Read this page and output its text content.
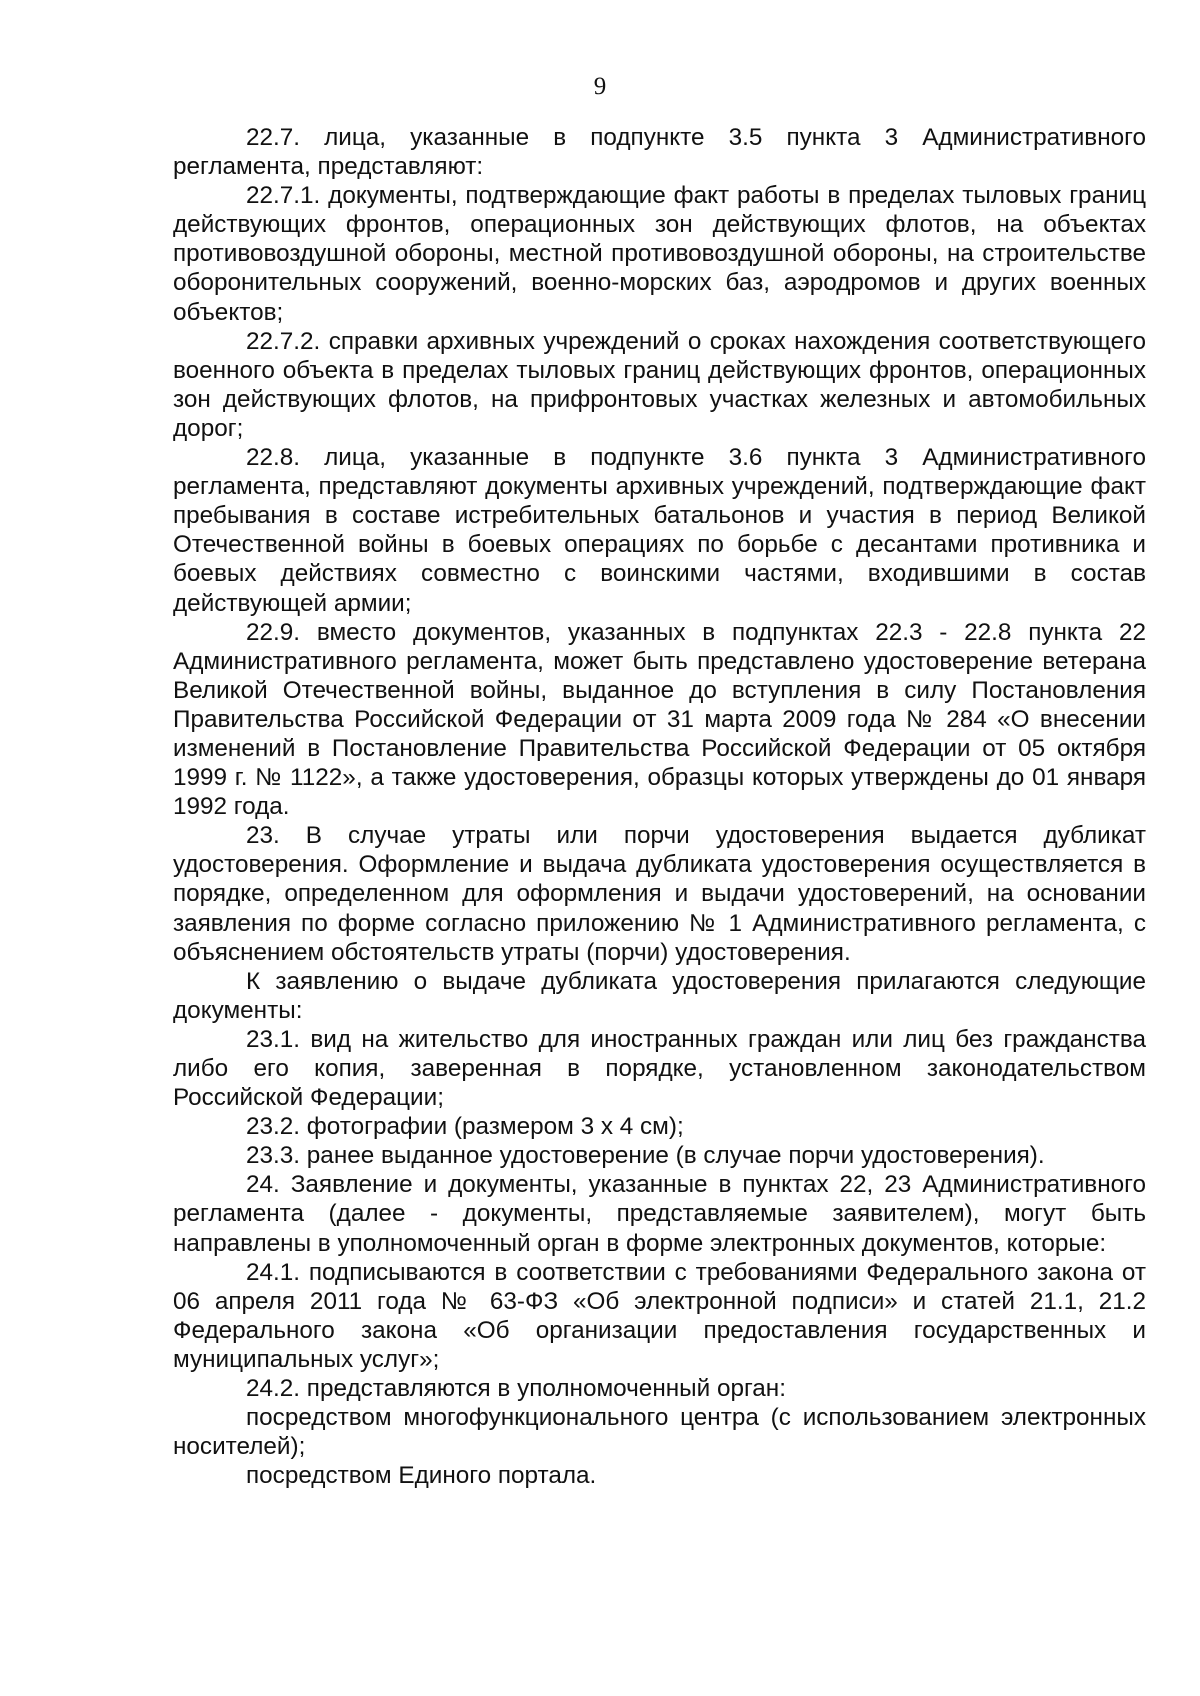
9

22.7. лица, указанные в подпункте 3.5 пункта 3 Административного регламента, представляют:

22.7.1. документы, подтверждающие факт работы в пределах тыловых границ действующих фронтов, операционных зон действующих флотов, на объектах противовоздушной обороны, местной противовоздушной обороны, на строительстве оборонительных сооружений, военно-морских баз, аэродромов и других военных объектов;

22.7.2. справки архивных учреждений о сроках нахождения соответствующего военного объекта в пределах тыловых границ действующих фронтов, операционных зон действующих флотов, на прифронтовых участках железных и автомобильных дорог;

22.8. лица, указанные в подпункте 3.6 пункта 3 Административного регламента, представляют документы архивных учреждений, подтверждающие факт пребывания в составе истребительных батальонов и участия в период Великой Отечественной войны в боевых операциях по борьбе с десантами противника и боевых действиях совместно с воинскими частями, входившими в состав действующей армии;

22.9. вместо документов, указанных в подпунктах 22.3 - 22.8 пункта 22 Административного регламента, может быть представлено удостоверение ветерана Великой Отечественной войны, выданное до вступления в силу Постановления Правительства Российской Федерации от 31 марта 2009 года № 284 «О внесении изменений в Постановление Правительства Российской Федерации от 05 октября 1999 г. № 1122», а также удостоверения, образцы которых утверждены до 01 января 1992 года.

23. В случае утраты или порчи удостоверения выдается дубликат удостоверения. Оформление и выдача дубликата удостоверения осуществляется в порядке, определенном для оформления и выдачи удостоверений, на основании заявления по форме согласно приложению № 1 Административного регламента, с объяснением обстоятельств утраты (порчи) удостоверения.

К заявлению о выдаче дубликата удостоверения прилагаются следующие документы:

23.1. вид на жительство для иностранных граждан или лиц без гражданства либо его копия, заверенная в порядке, установленном законодательством Российской Федерации;

23.2. фотографии (размером 3 х 4 см);

23.3. ранее выданное удостоверение (в случае порчи удостоверения).

24. Заявление и документы, указанные в пунктах 22, 23 Административного регламента (далее - документы, представляемые заявителем), могут быть направлены в уполномоченный орган в форме электронных документов, которые:

24.1. подписываются в соответствии с требованиями Федерального закона от 06 апреля 2011 года № 63-ФЗ «Об электронной подписи» и статей 21.1, 21.2 Федерального закона «Об организации предоставления государственных и муниципальных услуг»;

24.2. представляются в уполномоченный орган:

посредством многофункционального центра (с использованием электронных носителей);

посредством Единого портала.
